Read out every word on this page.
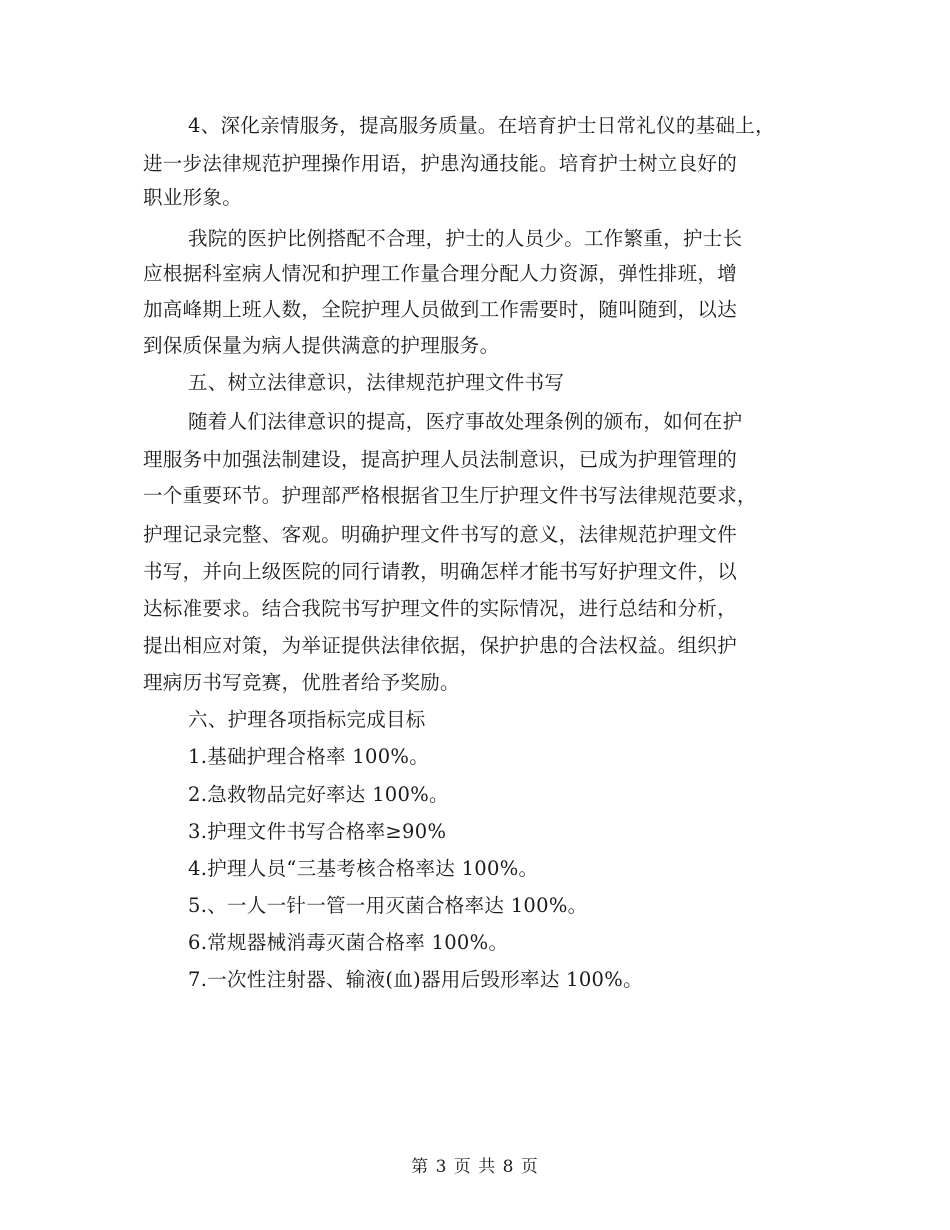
4、深化亲情服务，提高服务质量。在培育护士日常礼仪的基础上，
进一步法律规范护理操作用语，护患沟通技能。培育护士树立良好的
职业形象。
我院的医护比例搭配不合理，护士的人员少。工作繁重，护士长
应根据科室病人情况和护理工作量合理分配人力资源，弹性排班，增
加高峰期上班人数，全院护理人员做到工作需要时，随叫随到，以达
到保质保量为病人提供满意的护理服务。
五、树立法律意识，法律规范护理文件书写
随着人们法律意识的提高，医疗事故处理条例的颁布，如何在护
理服务中加强法制建设，提高护理人员法制意识，已成为护理管理的
一个重要环节。护理部严格根据省卫生厅护理文件书写法律规范要求，
护理记录完整、客观。明确护理文件书写的意义，法律规范护理文件
书写，并向上级医院的同行请教，明确怎样才能书写好护理文件，以
达标准要求。结合我院书写护理文件的实际情况，进行总结和分析，
提出相应对策，为举证提供法律依据，保护护患的合法权益。组织护
理病历书写竞赛，优胜者给予奖励。
六、护理各项指标完成目标
1.基础护理合格率 100%。
2.急救物品完好率达 100%。
3.护理文件书写合格率≥90%
4.护理人员“三基考核合格率达 100%。
5.、一人一针一管一用灭菌合格率达 100%。
6.常规器械消毒灭菌合格率 100%。
7.一次性注射器、输液(血)器用后毁形率达 100%。
第 3 页 共 8 页
